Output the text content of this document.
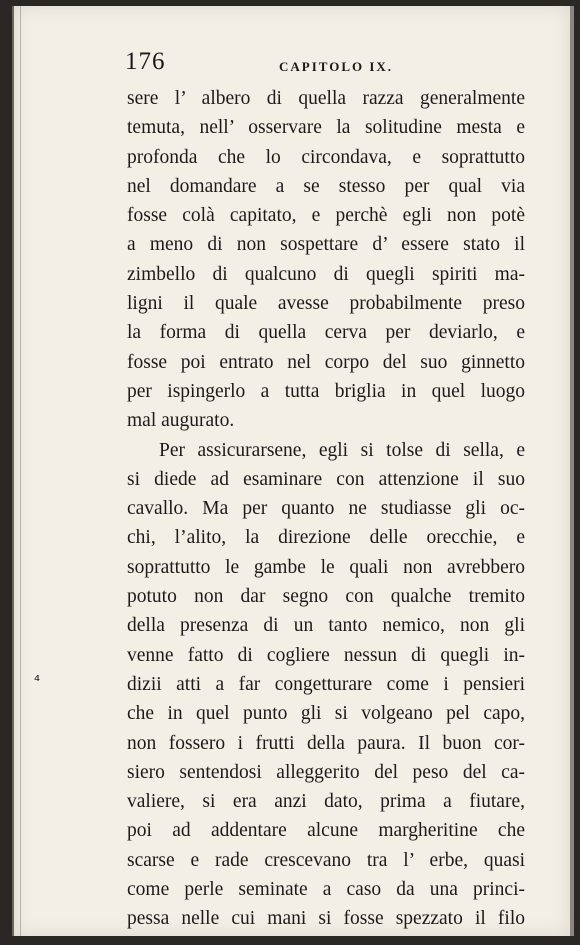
176	CAPITOLO IX.
sere l’ albero di quella razza generalmente
temuta, nell’ osservare la solitudine mesta e
profonda che lo circondava, e soprattutto
nel domandare a se stesso per qual via
fosse colà capitato, e perchè egli non potè
a meno di non sospettare d’ essere stato il
zimbello di qualcuno di quegli spiriti ma-
ligni il quale avesse probabilmente preso
la forma di quella cerva per deviarlo, e
fosse poi entrato nel corpo del suo ginnetto
per ispingerlo a tutta briglia in quel luogo
mal augurato.
Per assicurarsene, egli si tolse di sella, e
si diede ad esaminare con attenzione il suo
cavallo. Ma per quanto ne studiasse gli oc-
chi, l’alito, la direzione delle orecchie, e
soprattutto le gambe le quali non avrebbero
potuto non dar segno con qualche tremito
della presenza di un tanto nemico, non gli
venne fatto di cogliere nessun di quegli in-
dizii atti a far congetturare come i pensieri
che in quel punto gli si volgeano pel capo,
non fossero i frutti della paura. Il buon cor-
siero sentendosi alleggerito del peso del ca-
valiere, si era anzi dato, prima a fiutare,
poi ad addentare alcune margheritine che
scarse e rade crescevano tra l’ erbe, quasi
come perle seminate a caso da una princi-
pessa nelle cui mani si fosse spezzato il filo
⁴
